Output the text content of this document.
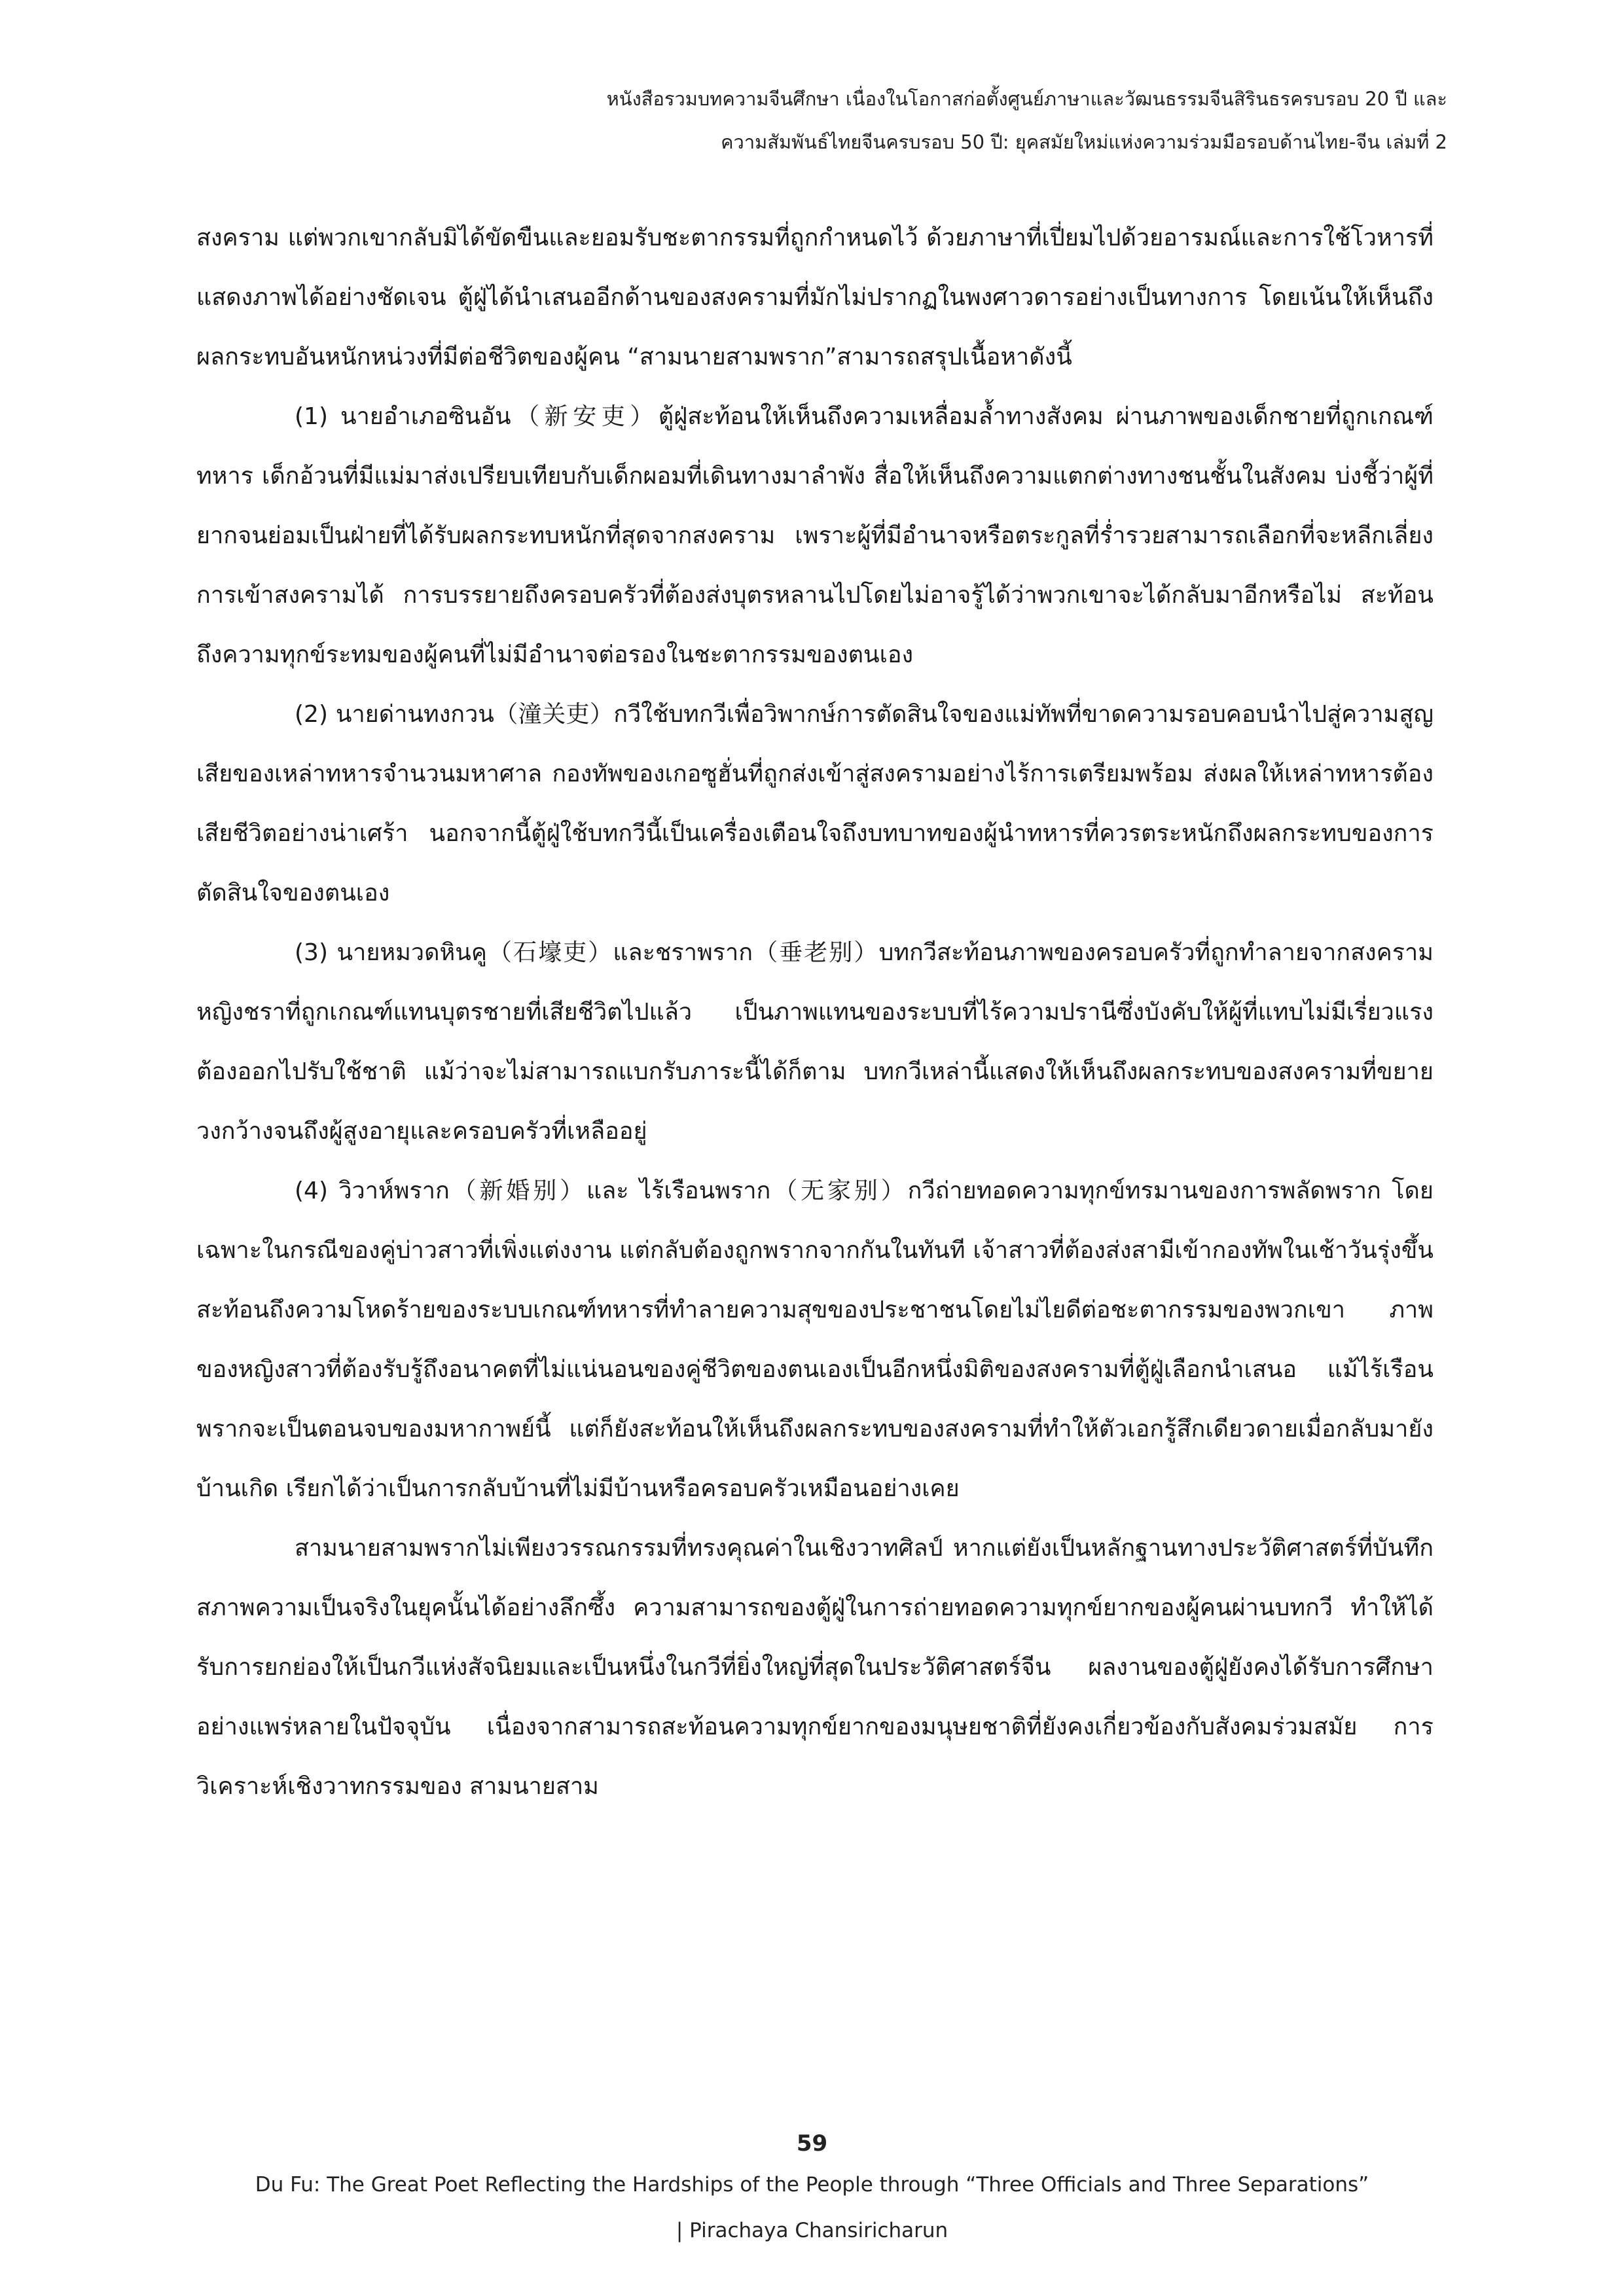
หนังสือรวมบทความจีนศึกษา เนื่องในโอกาสก่อตั้งศูนย์ภาษาและวัฒนธรรมจีนสิรินธรครบรอบ 20 ปี และ
ความสัมพันธ์ไทยจีนครบรอบ 50 ปี: ยุคสมัยใหม่แห่งความร่วมมือรอบด้านไทย-จีน เล่มที่ 2

สงคราม แต่พวกเขากลับมิได้ขัดขืนและยอมรับชะตากรรมที่ถูกกำหนดไว้ ด้วยภาษาที่เปี่ยมไปด้วยอารมณ์และการใช้โวหารที่แสดงภาพได้อย่างชัดเจน ตู้ฝู่ได้นำเสนออีกด้านของสงครามที่มักไม่ปรากฏในพงศาวดารอย่างเป็นทางการ โดยเน้นให้เห็นถึงผลกระทบอันหนักหน่วงที่มีต่อชีวิตของผู้คน “สามนายสามพราก”สามารถสรุปเนื้อหาดังนี้

(1) นายอำเภอซินอัน（新安吏）ตู้ฝู่สะท้อนให้เห็นถึงความเหลื่อมล้ำทางสังคม ผ่านภาพของเด็กชายที่ถูกเกณฑ์ทหาร เด็กอ้วนที่มีแม่มาส่งเปรียบเทียบกับเด็กผอมที่เดินทางมาลำพัง สื่อให้เห็นถึงความแตกต่างทางชนชั้นในสังคม บ่งชี้ว่าผู้ที่ยากจนย่อมเป็นฝ่ายที่ได้รับผลกระทบหนักที่สุดจากสงคราม เพราะผู้ที่มีอำนาจหรือตระกูลที่ร่ำรวยสามารถเลือกที่จะหลีกเลี่ยงการเข้าสงครามได้ การบรรยายถึงครอบครัวที่ต้องส่งบุตรหลานไปโดยไม่อาจรู้ได้ว่าพวกเขาจะได้กลับมาอีกหรือไม่ สะท้อนถึงความทุกข์ระทมของผู้คนที่ไม่มีอำนาจต่อรองในชะตากรรมของตนเอง

(2) นายด่านทงกวน（潼关吏）กวีใช้บทกวีเพื่อวิพากษ์การตัดสินใจของแม่ทัพที่ขาดความรอบคอบนำไปสู่ความสูญเสียของเหล่าทหารจำนวนมหาศาล กองทัพของเกอซูฮั่นที่ถูกส่งเข้าสู่สงครามอย่างไร้การเตรียมพร้อม ส่งผลให้เหล่าทหารต้องเสียชีวิตอย่างน่าเศร้า นอกจากนี้ตู้ฝู่ใช้บทกวีนี้เป็นเครื่องเตือนใจถึงบทบาทของผู้นำทหารที่ควรตระหนักถึงผลกระทบของการตัดสินใจของตนเอง

(3) นายหมวดหินคู（石壕吏）และชราพราก（垂老别）บทกวีสะท้อนภาพของครอบครัวที่ถูกทำลายจากสงคราม หญิงชราที่ถูกเกณฑ์แทนบุตรชายที่เสียชีวิตไปแล้ว เป็นภาพแทนของระบบที่ไร้ความปรานีซึ่งบังคับให้ผู้ที่แทบไม่มีเรี่ยวแรงต้องออกไปรับใช้ชาติ แม้ว่าจะไม่สามารถแบกรับภาระนี้ได้ก็ตาม บทกวีเหล่านี้แสดงให้เห็นถึงผลกระทบของสงครามที่ขยายวงกว้างจนถึงผู้สูงอายุและครอบครัวที่เหลืออยู่

(4) วิวาห์พราก（新婚别）และ ไร้เรือนพราก（无家别）กวีถ่ายทอดความทุกข์ทรมานของการพลัดพราก โดยเฉพาะในกรณีของคู่บ่าวสาวที่เพิ่งแต่งงาน แต่กลับต้องถูกพรากจากกันในทันที เจ้าสาวที่ต้องส่งสามีเข้ากองทัพในเช้าวันรุ่งขึ้นสะท้อนถึงความโหดร้ายของระบบเกณฑ์ทหารที่ทำลายความสุขของประชาชนโดยไม่ไยดีต่อชะตากรรมของพวกเขา ภาพของหญิงสาวที่ต้องรับรู้ถึงอนาคตที่ไม่แน่นอนของคู่ชีวิตของตนเองเป็นอีกหนึ่งมิติของสงครามที่ตู้ฝู่เลือกนำเสนอ แม้ไร้เรือนพรากจะเป็นตอนจบของมหากาพย์นี้ แต่ก็ยังสะท้อนให้เห็นถึงผลกระทบของสงครามที่ทำให้ตัวเอกรู้สึกเดียวดายเมื่อกลับมายังบ้านเกิด เรียกได้ว่าเป็นการกลับบ้านที่ไม่มีบ้านหรือครอบครัวเหมือนอย่างเคย

สามนายสามพรากไม่เพียงวรรณกรรมที่ทรงคุณค่าในเชิงวาทศิลป์ หากแต่ยังเป็นหลักฐานทางประวัติศาสตร์ที่บันทึกสภาพความเป็นจริงในยุคนั้นได้อย่างลึกซึ้ง ความสามารถของตู้ฝู่ในการถ่ายทอดความทุกข์ยากของผู้คนผ่านบทกวี ทำให้ได้รับการยกย่องให้เป็นกวีแห่งสัจนิยมและเป็นหนึ่งในกวีที่ยิ่งใหญ่ที่สุดในประวัติศาสตร์จีน ผลงานของตู้ฝู่ยังคงได้รับการศึกษาอย่างแพร่หลายในปัจจุบัน เนื่องจากสามารถสะท้อนความทุกข์ยากของมนุษยชาติที่ยังคงเกี่ยวข้องกับสังคมร่วมสมัย การวิเคราะห์เชิงวาทกรรมของ สามนายสาม

59
Du Fu: The Great Poet Reflecting the Hardships of the People through “Three Officials and Three Separations”
| Pirachaya Chansiricharun
